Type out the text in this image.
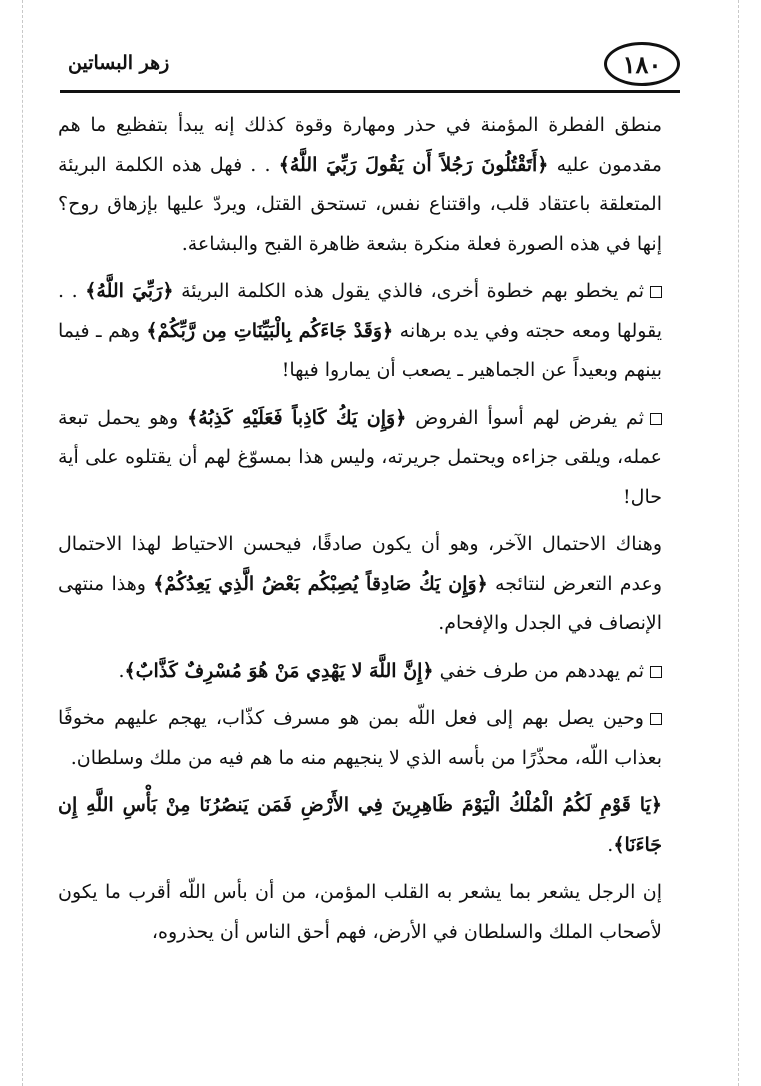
زهر البساتين	١٨٠

منطق الفطرة المؤمنة في حذر ومهارة وقوة كذلك إنه يبدأ بتفظيع ما هم مقدمون عليه ﴿أَتَقْتُلُونَ رَجُلاً أَن يَقُولَ رَبِّيَ اللَّهُ﴾ . . فهل هذه الكلمة البريئة المتعلقة باعتقاد قلب، واقتناع نفس، تستحق القتل، ويردّ عليها بإزهاق روح؟ إنها في هذه الصورة فعلة منكرة بشعة ظاهرة القبح والبشاعة.

ثم يخطو بهم خطوة أخرى، فالذي يقول هذه الكلمة البريئة ﴿رَبِّيَ اللَّهُ﴾ . . يقولها ومعه حجته وفي يده برهانه ﴿وَقَدْ جَاءَكُم بِالْبَيِّنَاتِ مِن رَّبِّكُمْ﴾ وهم ـ فيما بينهم وبعيداً عن الجماهير ـ يصعب أن يماروا فيها!

ثم يفرض لهم أسوأ الفروض ﴿وَإِن يَكُ كَاذِباً فَعَلَيْهِ كَذِبُهُ﴾ وهو يحمل تبعة عمله، ويلقى جزاءه ويحتمل جريرته، وليس هذا بمسوّغ لهم أن يقتلوه على أية حال!

وهناك الاحتمال الآخر، وهو أن يكون صادقًا، فيحسن الاحتياط لهذا الاحتمال وعدم التعرض لنتائجه ﴿وَإِن يَكُ صَادِقاً يُصِبْكُم بَعْضُ الَّذِي يَعِدُكُمْ﴾ وهذا منتهى الإنصاف في الجدل والإفحام.

ثم يهددهم من طرف خفي ﴿إِنَّ اللَّهَ لا يَهْدِي مَنْ هُوَ مُسْرِفٌ كَذَّابٌ﴾.

وحين يصل بهم إلى فعل اللّه بمن هو مسرف كذّاب، يهجم عليهم مخوفًا بعذاب اللّه، محذّرًا من بأسه الذي لا ينجيهم منه ما هم فيه من ملك وسلطان.

﴿يَا قَوْمِ لَكُمُ الْمُلْكُ الْيَوْمَ ظَاهِرِينَ فِي الأَرْضِ فَمَن يَنصُرُنَا مِنْ بَأْسِ اللَّهِ إِن جَاءَنَا﴾.

إن الرجل يشعر بما يشعر به القلب المؤمن، من أن بأس اللّه أقرب ما يكون لأصحاب الملك والسلطان في الأرض، فهم أحق الناس أن يحذروه،
